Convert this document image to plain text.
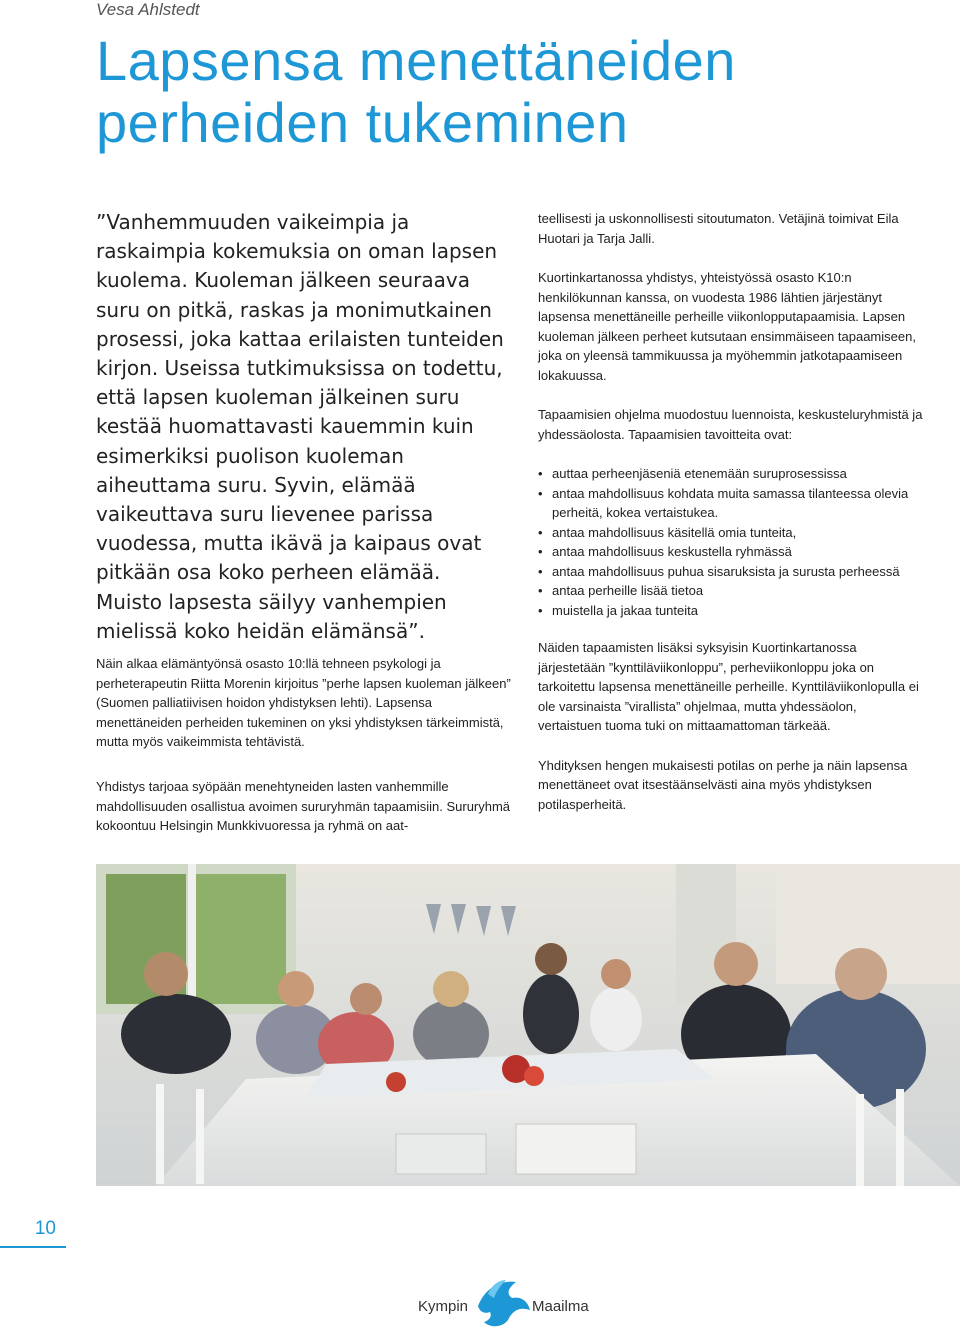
Vesa Ahlstedt
Lapsensa menettäneiden
perheiden tukeminen

”Vanhemmuuden vaikeimpia ja raskaimpia kokemuksia on oman lapsen kuolema. Kuoleman jälkeen seuraava suru on pitkä, raskas ja monimutkainen prosessi, joka kattaa erilaisten tunteiden kirjon. Useissa tutkimuksissa on todettu, että lapsen kuoleman jälkeinen suru kestää huomattavasti kauemmin kuin esimerkiksi puolison kuoleman aiheuttama suru. Syvin, elämää vaikeuttava suru lievenee parissa vuodessa, mutta ikävä ja kaipaus ovat pitkään osa koko perheen elämää. Muisto lapsesta säilyy vanhempien mielissä koko heidän elämänsä”.

Näin alkaa elämäntyönsä osasto 10:llä tehneen psykologi ja perheterapeutin Riitta Morenin kirjoitus ”perhe lapsen kuoleman jälkeen” (Suomen palliatiivisen hoidon yhdistyksen lehti). Lapsensa menettäneiden perheiden tukeminen on yksi yhdistyksen tärkeimmistä, mutta myös vaikeimmista tehtävistä.

Yhdistys tarjoaa syöpään menehtyneiden lasten vanhemmille mahdollisuuden osallistua avoimen sururyhmän tapaamisiin. Sururyhmä kokoontuu Helsingin Munkkivuoressa ja ryhmä on aat-

teellisesti ja uskonnollisesti sitoutumaton. Vetäjinä toimivat Eila Huotari ja Tarja Jalli.

Kuortinkartanossa yhdistys, yhteistyössä osasto K10:n henkilökunnan kanssa, on vuodesta 1986 lähtien järjestänyt lapsensa menettäneille perheille viikonlopputapaamisia. Lapsen kuoleman jälkeen perheet kutsutaan ensimmäiseen tapaamiseen, joka on yleensä tammikuussa ja myöhemmin jatkotapaamiseen lokakuussa.

Tapaamisien ohjelma muodostuu luennoista, keskusteluryhmistä ja yhdessäolosta. Tapaamisien tavoitteita ovat:

• auttaa perheenjäseniä etenemään suruprosessissa
• antaa mahdollisuus kohdata muita samassa tilanteessa olevia perheitä, kokea vertaistukea.
• antaa mahdollisuus käsitellä omia tunteita,
• antaa mahdollisuus keskustella ryhmässä
• antaa mahdollisuus puhua sisaruksista ja surusta perheessä
• antaa perheille lisää tietoa
• muistella ja jakaa tunteita

Näiden tapaamisten lisäksi syksyisin Kuortinkartanossa järjestetään ”kynttiläviikonloppu”, perheviikonloppu joka on tarkoitettu lapsensa menettäneille perheille. Kynttiläviikonlopulla ei ole varsinaista ”virallista” ohjelmaa, mutta yhdessäolon, vertaistuen tuoma tuki on mittaamattoman tärkeää.

Yhdityksen hengen mukaisesti potilas on perhe ja näin lapsensa menettäneet ovat itsestäänselvästi aina myös yhdistyksen potilasperheitä.

10
Kympin	Maailma
